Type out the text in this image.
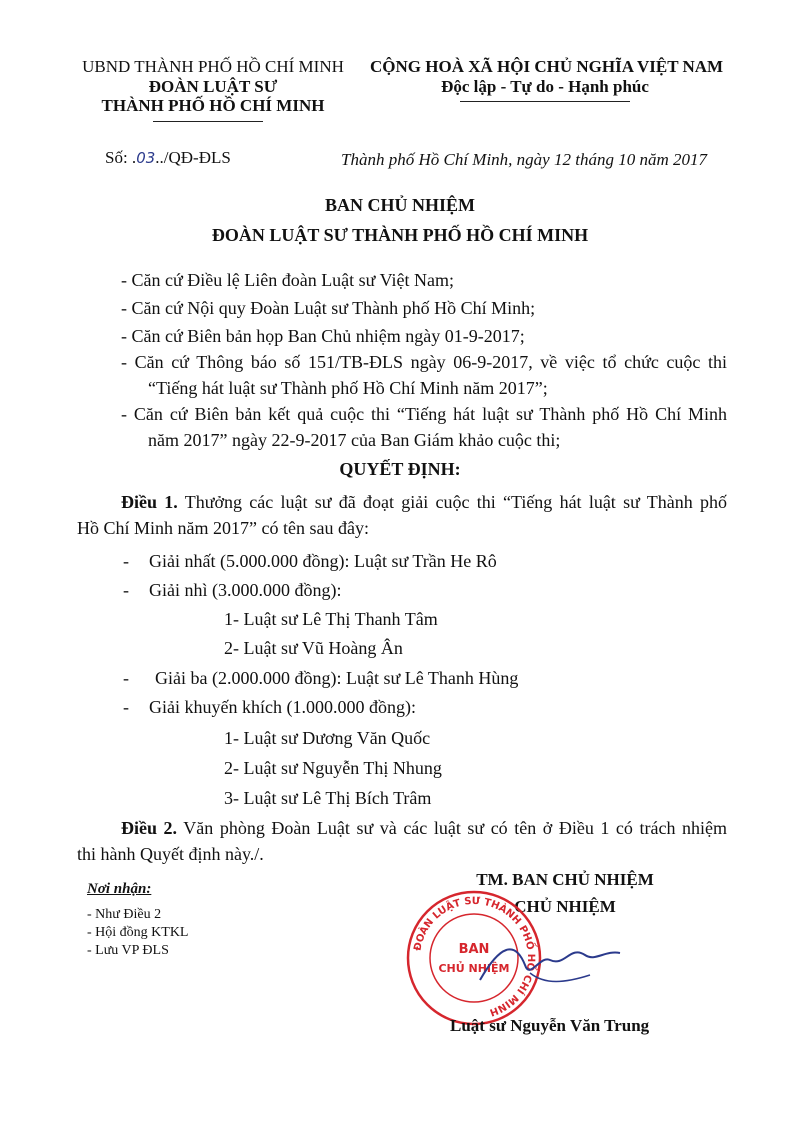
UBND THÀNH PHỐ HỒ CHÍ MINH
ĐOÀN LUẬT SƯ
THÀNH PHỐ HỒ CHÍ MINH
CỘNG HOÀ XÃ HỘI CHỦ NGHĨA VIỆT NAM
Độc lập - Tự do - Hạnh phúc
Số: .03../QĐ-ĐLS	Thành phố Hồ Chí Minh, ngày 12 tháng 10 năm 2017
BAN CHỦ NHIỆM
ĐOÀN LUẬT SƯ THÀNH PHỐ HỒ CHÍ MINH
- Căn cứ Điều lệ Liên đoàn Luật sư Việt Nam;
- Căn cứ Nội quy Đoàn Luật sư Thành phố Hồ Chí Minh;
- Căn cứ Biên bản họp Ban Chủ nhiệm ngày 01-9-2017;
- Căn cứ Thông báo số 151/TB-ĐLS ngày 06-9-2017, về việc tổ chức cuộc thi
“Tiếng hát luật sư Thành phố Hồ Chí Minh năm 2017”;
- Căn cứ Biên bản kết quả cuộc thi “Tiếng hát luật sư Thành phố Hồ Chí Minh
năm 2017” ngày 22-9-2017 của Ban Giám khảo cuộc thi;
QUYẾT ĐỊNH:
Điều 1. Thưởng các luật sư đã đoạt giải cuộc thi “Tiếng hát luật sư Thành phố
Hồ Chí Minh năm 2017” có tên sau đây:
- Giải nhất (5.000.000 đồng): Luật sư Trần He Rô
- Giải nhì (3.000.000 đồng):
1- Luật sư Lê Thị Thanh Tâm
2- Luật sư Vũ Hoàng Ân
- Giải ba (2.000.000 đồng): Luật sư Lê Thanh Hùng
- Giải khuyến khích (1.000.000 đồng):
1- Luật sư Dương Văn Quốc
2- Luật sư Nguyễn Thị Nhung
3- Luật sư Lê Thị Bích Trâm
Điều 2. Văn phòng Đoàn Luật sư và các luật sư có tên ở Điều 1 có trách nhiệm
thi hành Quyết định này./.
Nơi nhận:
- Như Điều 2
- Hội đồng KTKL
- Lưu VP ĐLS
TM. BAN CHỦ NHIỆM
CHỦ NHIỆM
ĐOÀN LUẬT SƯ THÀNH PHỐ HỒ CHÍ MINH
BAN
CHỦ NHIỆM
Luật sư Nguyễn Văn Trung
